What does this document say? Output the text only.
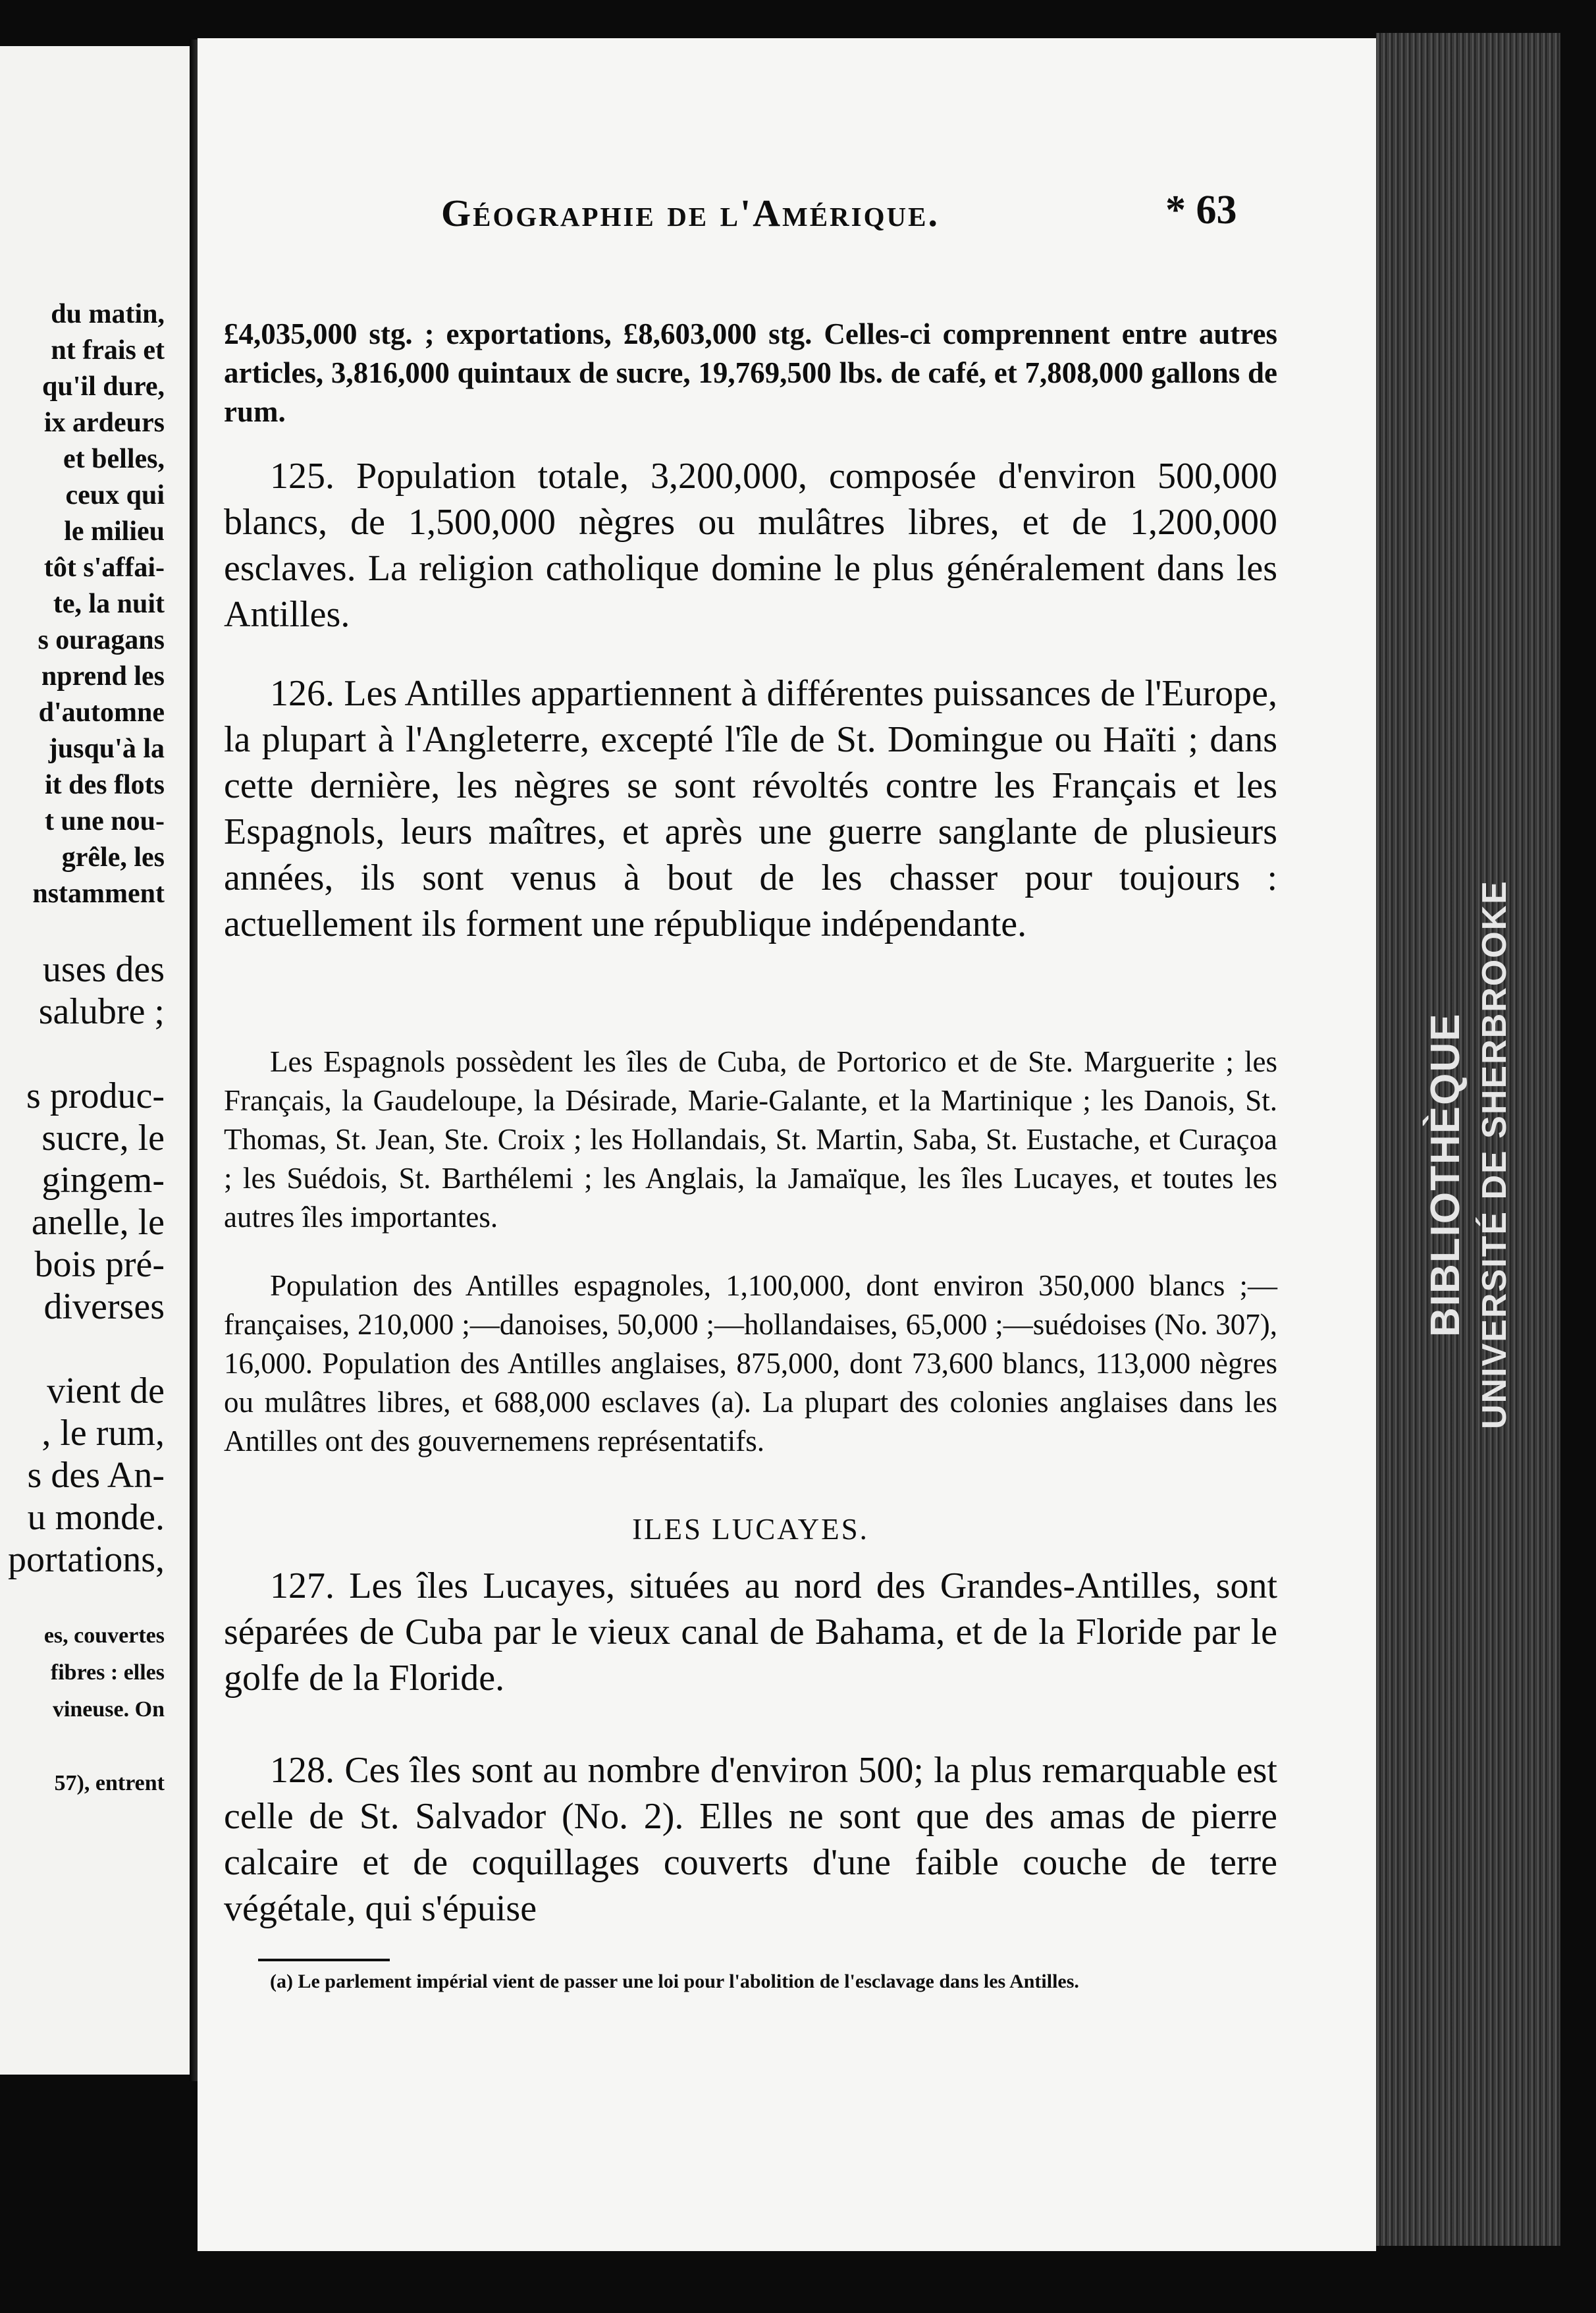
du matin,
nt frais et
qu'il dure,
ix ardeurs
et belles,
ceux qui
le milieu
tôt s'affai-
te, la nuit
s ouragans
nprend les
d'automne
jusqu'à la
it des flots
t une nou-
grêle, les
nstamment

uses des
salubre ;

s produc-
sucre, le
gingem-
anelle, le
bois pré-
diverses

vient de
, le rum,
s des An-
u monde.
portations,

es, couvertes
fibres : elles
vineuse. On

57), entrent
BIBLIOTHÈQUE UNIVERSITÉ DE SHERBROOKE
Géographie de l'Amérique.	* 63
£4,035,000 stg. ; exportations, £8,603,000 stg. Celles-ci comprennent entre autres articles, 3,816,000 quintaux de sucre, 19,769,500 lbs. de café, et 7,808,000 gallons de rum.
125. Population totale, 3,200,000, composée d'environ 500,000 blancs, de 1,500,000 nègres ou mulâtres libres, et de 1,200,000 esclaves. La religion catholique domine le plus généralement dans les Antilles.
126. Les Antilles appartiennent à différentes puissances de l'Europe, la plupart à l'Angleterre, excepté l'île de St. Domingue ou Haïti ; dans cette dernière, les nègres se sont révoltés contre les Français et les Espagnols, leurs maîtres, et après une guerre sanglante de plusieurs années, ils sont venus à bout de les chasser pour toujours : actuellement ils forment une république indépendante.
Les Espagnols possèdent les îles de Cuba, de Portorico et de Ste. Marguerite ; les Français, la Gaudeloupe, la Désirade, Marie-Galante, et la Martinique ; les Danois, St. Thomas, St. Jean, Ste. Croix ; les Hollandais, St. Martin, Saba, St. Eustache, et Curaçoa ; les Suédois, St. Barthélemi ; les Anglais, la Jamaïque, les îles Lucayes, et toutes les autres îles importantes.
Population des Antilles espagnoles, 1,100,000, dont environ 350,000 blancs ;—françaises, 210,000 ;—danoises, 50,000 ;—hollandaises, 65,000 ;—suédoises (No. 307), 16,000. Population des Antilles anglaises, 875,000, dont 73,600 blancs, 113,000 nègres ou mulâtres libres, et 688,000 esclaves (a). La plupart des colonies anglaises dans les Antilles ont des gouvernemens représentatifs.
ILES LUCAYES.
127. Les îles Lucayes, situées au nord des Grandes-Antilles, sont séparées de Cuba par le vieux canal de Bahama, et de la Floride par le golfe de la Floride.
128. Ces îles sont au nombre d'environ 500; la plus remarquable est celle de St. Salvador (No. 2). Elles ne sont que des amas de pierre calcaire et de coquillages couverts d'une faible couche de terre végétale, qui s'épuise
(a) Le parlement impérial vient de passer une loi pour l'abolition de l'esclavage dans les Antilles.
